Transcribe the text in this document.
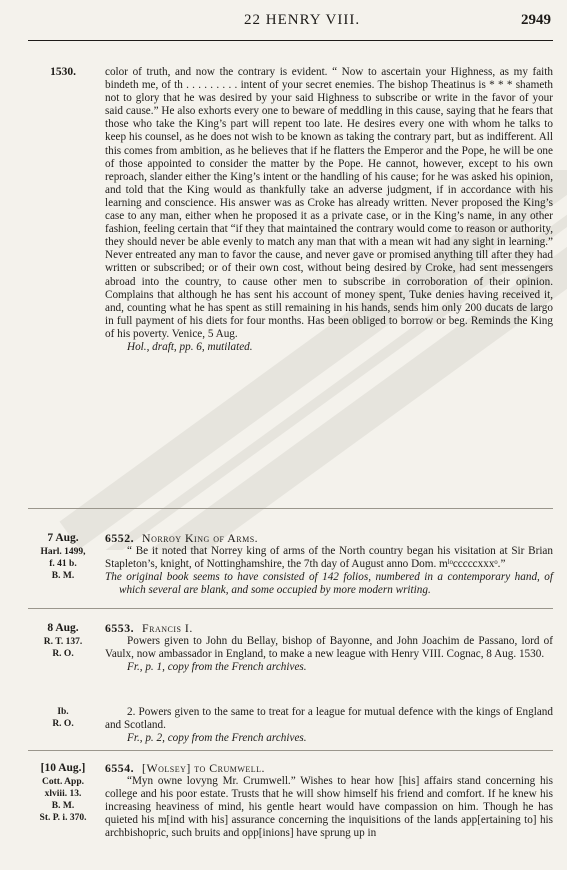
22 HENRY VIII.	2949
1530.	color of truth, and now the contrary is evident. “ Now to ascertain your Highness, as my faith bindeth me, of th . . . . . . . . . intent of your secret enemies. The bishop Theatinus is * * * shameth not to glory that he was desired by your said Highness to subscribe or write in the favor of your said cause.” He also exhorts every one to beware of meddling in this cause, saying that he fears that those who take the King’s part will repent too late. He desires every one with whom he talks to keep his counsel, as he does not wish to be known as taking the contrary part, but as indifferent. All this comes from ambition, as he believes that if he flatters the Emperor and the Pope, he will be one of those appointed to consider the matter by the Pope. He cannot, however, except to his own reproach, slander either the King’s intent or the handling of his cause; for he was asked his opinion, and told that the King would as thankfully take an adverse judgment, if in accordance with his learning and conscience. His answer was as Croke has already written. Never proposed the King’s case to any man, either when he proposed it as a private case, or in the King’s name, in any other fashion, feeling certain that “if they that maintained the contrary would come to reason or authority, they should never be able evenly to match any man that with a mean wit had any sight in learning.” Never entreated any man to favor the cause, and never gave or promised anything till after they had written or subscribed; or of their own cost, without being desired by Croke, had sent messengers abroad into the country, to cause other men to subscribe in corroboration of their opinion. Complains that although he has sent his account of money spent, Tuke denies having received it, and, counting what he has spent as still remaining in his hands, sends him only 200 ducats de largo in full payment of his diets for four months. Has been obliged to borrow or beg. Reminds the King of his poverty. Venice, 5 Aug.

Hol., draft, pp. 6, mutilated.

7 Aug.
Harl. 1499,
f. 41 b.
B. M.

6552. Norroy King of Arms.

“ Be it noted that Norrey king of arms of the North country began his visitation at Sir Brian Stapleton’s, knight, of Nottinghamshire, the 7th day of August anno Dom. mˡᵒcccccxxxᵒ.”

The original book seems to have consisted of 142 folios, numbered in a contemporary hand, of which several are blank, and some occupied by more modern writing.

8 Aug.
R. T. 137.
R. O.

6553. Francis I.

Powers given to John du Bellay, bishop of Bayonne, and John Joachim de Passano, lord of Vaulx, now ambassador in England, to make a new league with Henry VIII. Cognac, 8 Aug. 1530.

Fr., p. 1, copy from the French archives.

Ib.
R. O.

2. Powers given to the same to treat for a league for mutual defence with the kings of England and Scotland.

Fr., p. 2, copy from the French archives.

[10 Aug.]
Cott. App.
xlviii. 13.
B. M.
St. P. i. 370.

6554. [Wolsey] to Crumwell.

“Myn owne lovyng Mr. Crumwell.” Wishes to hear how [his] affairs stand concerning his college and his poor estate. Trusts that he will show himself his friend and comfort. If he knew his increasing heaviness of mind, his gentle heart would have compassion on him. Though he has quieted his m[ind with his] assurance concerning the inquisitions of the lands app[ertaining to] his archbishopric, such bruits and opp[inions] have sprung up in
